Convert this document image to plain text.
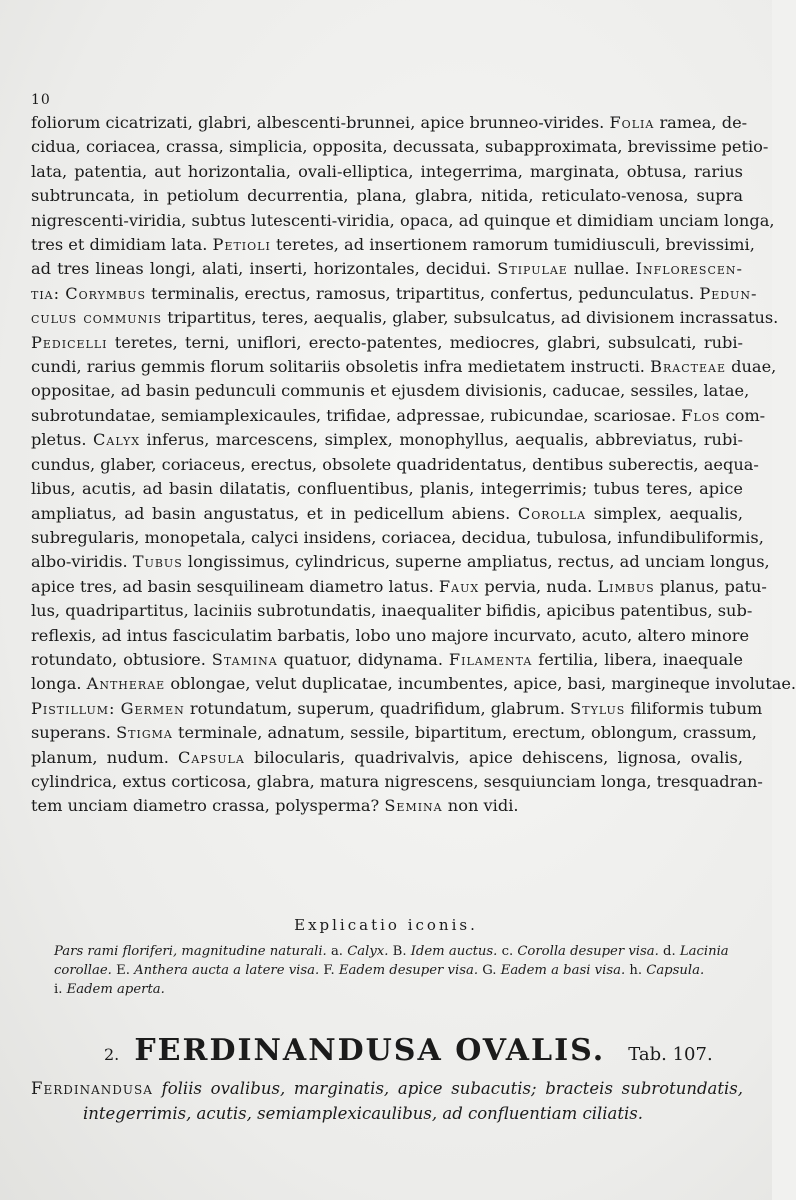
10
foliorum cicatrizati, glabri, albescenti-brunnei, apice brunneo-virides. Folia ramea, de-
cidua, coriacea, crassa, simplicia, opposita, decussata, subapproximata, brevissime petio-
lata, patentia, aut horizontalia, ovali-elliptica, integerrima, marginata, obtusa, rarius
subtruncata, in petiolum decurrentia, plana, glabra, nitida, reticulato-venosa, supra
nigrescenti-viridia, subtus lutescenti-viridia, opaca, ad quinque et dimidiam unciam longa,
tres et dimidiam lata. Petioli teretes, ad insertionem ramorum tumidiusculi, brevissimi,
ad tres lineas longi, alati, inserti, horizontales, decidui. Stipulae nullae. Inflorescen-
tia: Corymbus terminalis, erectus, ramosus, tripartitus, confertus, pedunculatus. Pedun-
culus communis tripartitus, teres, aequalis, glaber, subsulcatus, ad divisionem incrassatus.
Pedicelli teretes, terni, uniflori, erecto-patentes, mediocres, glabri, subsulcati, rubi-
cundi, rarius gemmis florum solitariis obsoletis infra medietatem instructi. Bracteae duae,
oppositae, ad basin pedunculi communis et ejusdem divisionis, caducae, sessiles, latae,
subrotundatae, semiamplexicaules, trifidae, adpressae, rubicundae, scariosae. Flos com-
pletus. Calyx inferus, marcescens, simplex, monophyllus, aequalis, abbreviatus, rubi-
cundus, glaber, coriaceus, erectus, obsolete quadridentatus, dentibus suberectis, aequa-
libus, acutis, ad basin dilatatis, confluentibus, planis, integerrimis; tubus teres, apice
ampliatus, ad basin angustatus, et in pedicellum abiens. Corolla simplex, aequalis,
subregularis, monopetala, calyci insidens, coriacea, decidua, tubulosa, infundibuliformis,
albo-viridis. Tubus longissimus, cylindricus, superne ampliatus, rectus, ad unciam longus,
apice tres, ad basin sesquilineam diametro latus. Faux pervia, nuda. Limbus planus, patu-
lus, quadripartitus, laciniis subrotundatis, inaequaliter bifidis, apicibus patentibus, sub-
reflexis, ad intus fasciculatim barbatis, lobo uno majore incurvato, acuto, altero minore
rotundato, obtusiore. Stamina quatuor, didynama. Filamenta fertilia, libera, inaequale
longa. Antherae oblongae, velut duplicatae, incumbentes, apice, basi, margineque involutae.
Pistillum: Germen rotundatum, superum, quadrifidum, glabrum. Stylus filiformis tubum
superans. Stigma terminale, adnatum, sessile, bipartitum, erectum, oblongum, crassum,
planum, nudum. Capsula bilocularis, quadrivalvis, apice dehiscens, lignosa, ovalis,
cylindrica, extus corticosa, glabra, matura nigrescens, sesquiunciam longa, tresquadran-
tem unciam diametro crassa, polysperma? Semina non vidi.
Explicatio iconis.
Pars rami floriferi, magnitudine naturali. a. Calyx. B. Idem auctus. c. Corolla desuper visa. d. Lacinia
corollae. E. Anthera aucta a latere visa. F. Eadem desuper visa. G. Eadem a basi visa. h. Capsula.
i. Eadem aperta.
2. FERDINANDUSA OVALIS. Tab. 107.
Ferdinandusa foliis ovalibus, marginatis, apice subacutis; bracteis subrotundatis,
integerrimis, acutis, semiamplexicaulibus, ad confluentiam ciliatis.
